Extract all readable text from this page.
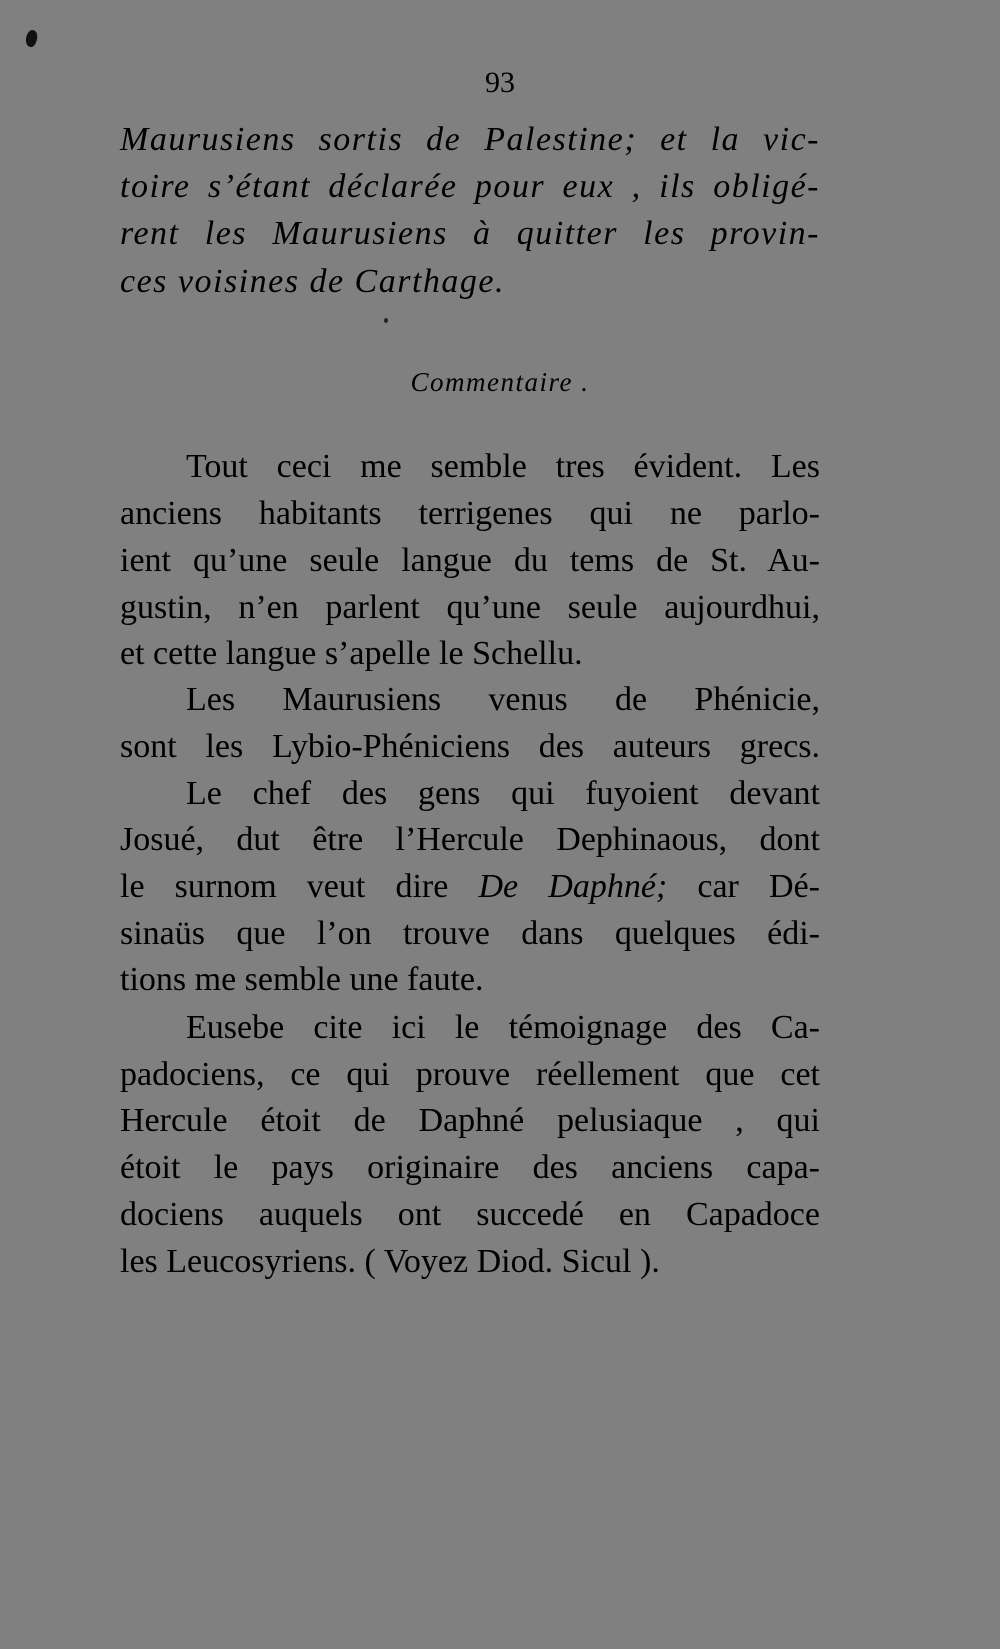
93
Maurusiens sortis de Palestine; et la vic-
toire s’étant déclarée pour eux , ils obligé-
rent les Maurusiens à quitter les provin-
ces voisines de Carthage.
Commentaire .
Tout ceci me semble tres évident. Les
anciens habitants terrigenes qui ne parlo-
ient qu’une seule langue du tems de St. Au-
gustin, n’en parlent qu’une seule aujourdhui,
et cette langue s’apelle le Schellu.
Les Maurusiens venus de Phénicie,
sont les Lybio-Phéniciens des auteurs grecs.
Le chef des gens qui fuyoient devant
Josué, dut être l’Hercule Dephinaous, dont
le surnom veut dire De Daphné; car Dé-
sinaüs que l’on trouve dans quelques édi-
tions me semble une faute.
Eusebe cite ici le témoignage des Ca-
padociens, ce qui prouve réellement que cet
Hercule étoit de Daphné pelusiaque , qui
étoit le pays originaire des anciens capa-
dociens auquels ont succedé en Capadoce
les Leucosyriens. ( Voyez Diod. Sicul ).
